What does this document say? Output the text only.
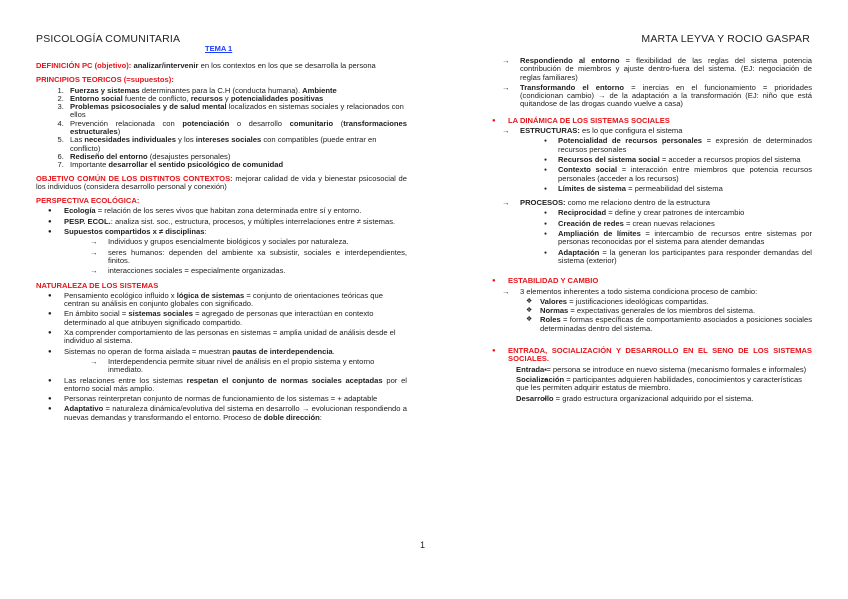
PSICOLOGÍA COMUNITARIA	MARTA LEYVA Y ROCIO GASPAR
TEMA 1

DEFINICIÓN PC (objetivo): analizar/intervenir en los contextos en los que se desarrolla la persona

PRINCIPIOS TEORICOS (=supuestos):
1. Fuerzas y sistemas determinantes para la C.H (conducta humana). Ambiente
2. Entorno social fuente de conflicto, recursos y potencialidades positivas
3. Problemas psicosociales y de salud mental localizados en sistemas sociales y relacionados con ellos
4. Prevención relacionada con potenciación o desarrollo comunitario (transformaciones estructurales)
5. Las necesidades individuales y los intereses sociales con compatibles (puede entrar en conflicto)
6. Rediseño del entorno (desajustes personales)
7. Importante desarrollar el sentido psicológico de comunidad

OBJETIVO COMÚN DE LOS DISTINTOS CONTEXTOS: mejorar calidad de vida y bienestar psicosocial de los individuos (considera desarrollo personal y conexión)

PERSPECTIVA ECOLÓGICA:
● Ecología = relación de los seres vivos que habitan zona determinada entre sí y entorno.
● PESP. ECOL.: analiza sist. soc., estructura, procesos, y múltiples interrelaciones entre ≠ sistemas.
● Supuestos compartidos x ≠ disciplinas:
→ Individuos y grupos esencialmente biológicos y sociales por naturaleza.
→ seres humanos: dependen del ambiente xa subsistir, sociales e interdependientes, finitos.
→ interacciones sociales = especialmente organizadas.
NATURALEZA DE LOS SISTEMAS
● Pensamiento ecológico influido x lógica de sistemas = conjunto de orientaciones teóricas que centran su análisis en conjunto globales con significado.
● En ámbito social = sistemas sociales = agregado de personas que interactúan en contexto determinado al que atribuyen significado compartido.
● Xa comprender comportamiento de las personas en sistemas = amplia unidad de análisis desde el individuo al sistema.
● Sistemas no operan de forma aislada = muestran pautas de interdependencia.
→ Interdependencia permite situar nivel de análisis en el propio sistema y entorno inmediato.
● Las relaciones entre los sistemas respetan el conjunto de normas sociales aceptadas por el entorno social más amplio.
● Personas reinterpretan conjunto de normas de funcionamiento de los sistemas = + adaptable
● Adaptativo = naturaleza dinámica/evolutiva del sistema en desarrollo → evolucionan respondiendo a nuevas demandas y transformando el entorno. Proceso de doble dirección:
→ Respondiendo al entorno = flexibilidad de las reglas del sistema potencia contribución de miembros y ajuste dentro-fuera del sistema. (EJ: negociación de reglas familiares)
→ Transformando el entorno = inercias en el funcionamiento = prioridades (condicionan cambio) → de la adaptación a la transformación (EJ: niño que está quitandose de las drogas cuando vuelve a casa)
● LA DINÁMICA DE LOS SISTEMAS SOCIALES
→ ESTRUCTURAS: es lo que configura el sistema
● Potencialidad de recursos personales = expresión de determinados recursos personales
● Recursos del sistema social = acceder a recursos propios del sistema
● Contexto social = interacción entre miembros que potencia recursos personales (acceder a los recursos)
● Límites de sistema = permeabilidad del sistema
→ PROCESOS: como me relaciono dentro de la estructura
● Reciprocidad = define y crear patrones de intercambio
● Creación de redes = crean nuevas relaciones
● Ampliación de límites = intercambio de recursos entre sistemas por personas reconocidas por el sistema para atender demandas
● Adaptación = la generan los participantes para responder demandas del sistema (exterior)
● ESTABILIDAD Y CAMBIO
→ 3 elementos inherentes a todo sistema condiciona proceso de cambio:
❖ Valores = justificaciones ideológicas compartidas.
❖ Normas = expectativas generales de los miembros del sistema.
❖ Roles = formas específicas de comportamiento asociados a posiciones sociales determinadas dentro del sistema.
● ENTRADA, SOCIALIZACIÓN Y DESARROLLO EN EL SENO DE LOS SISTEMAS SOCIALES.
● Entrada = persona se introduce en nuevo sistema (mecanismo formales e informales)
● Socialización = participantes adquieren habilidades, conocimientos y características que les permiten adquirir estatus de miembro.
● Desarrollo = grado estructura organizacional adquirido por el sistema.
1
